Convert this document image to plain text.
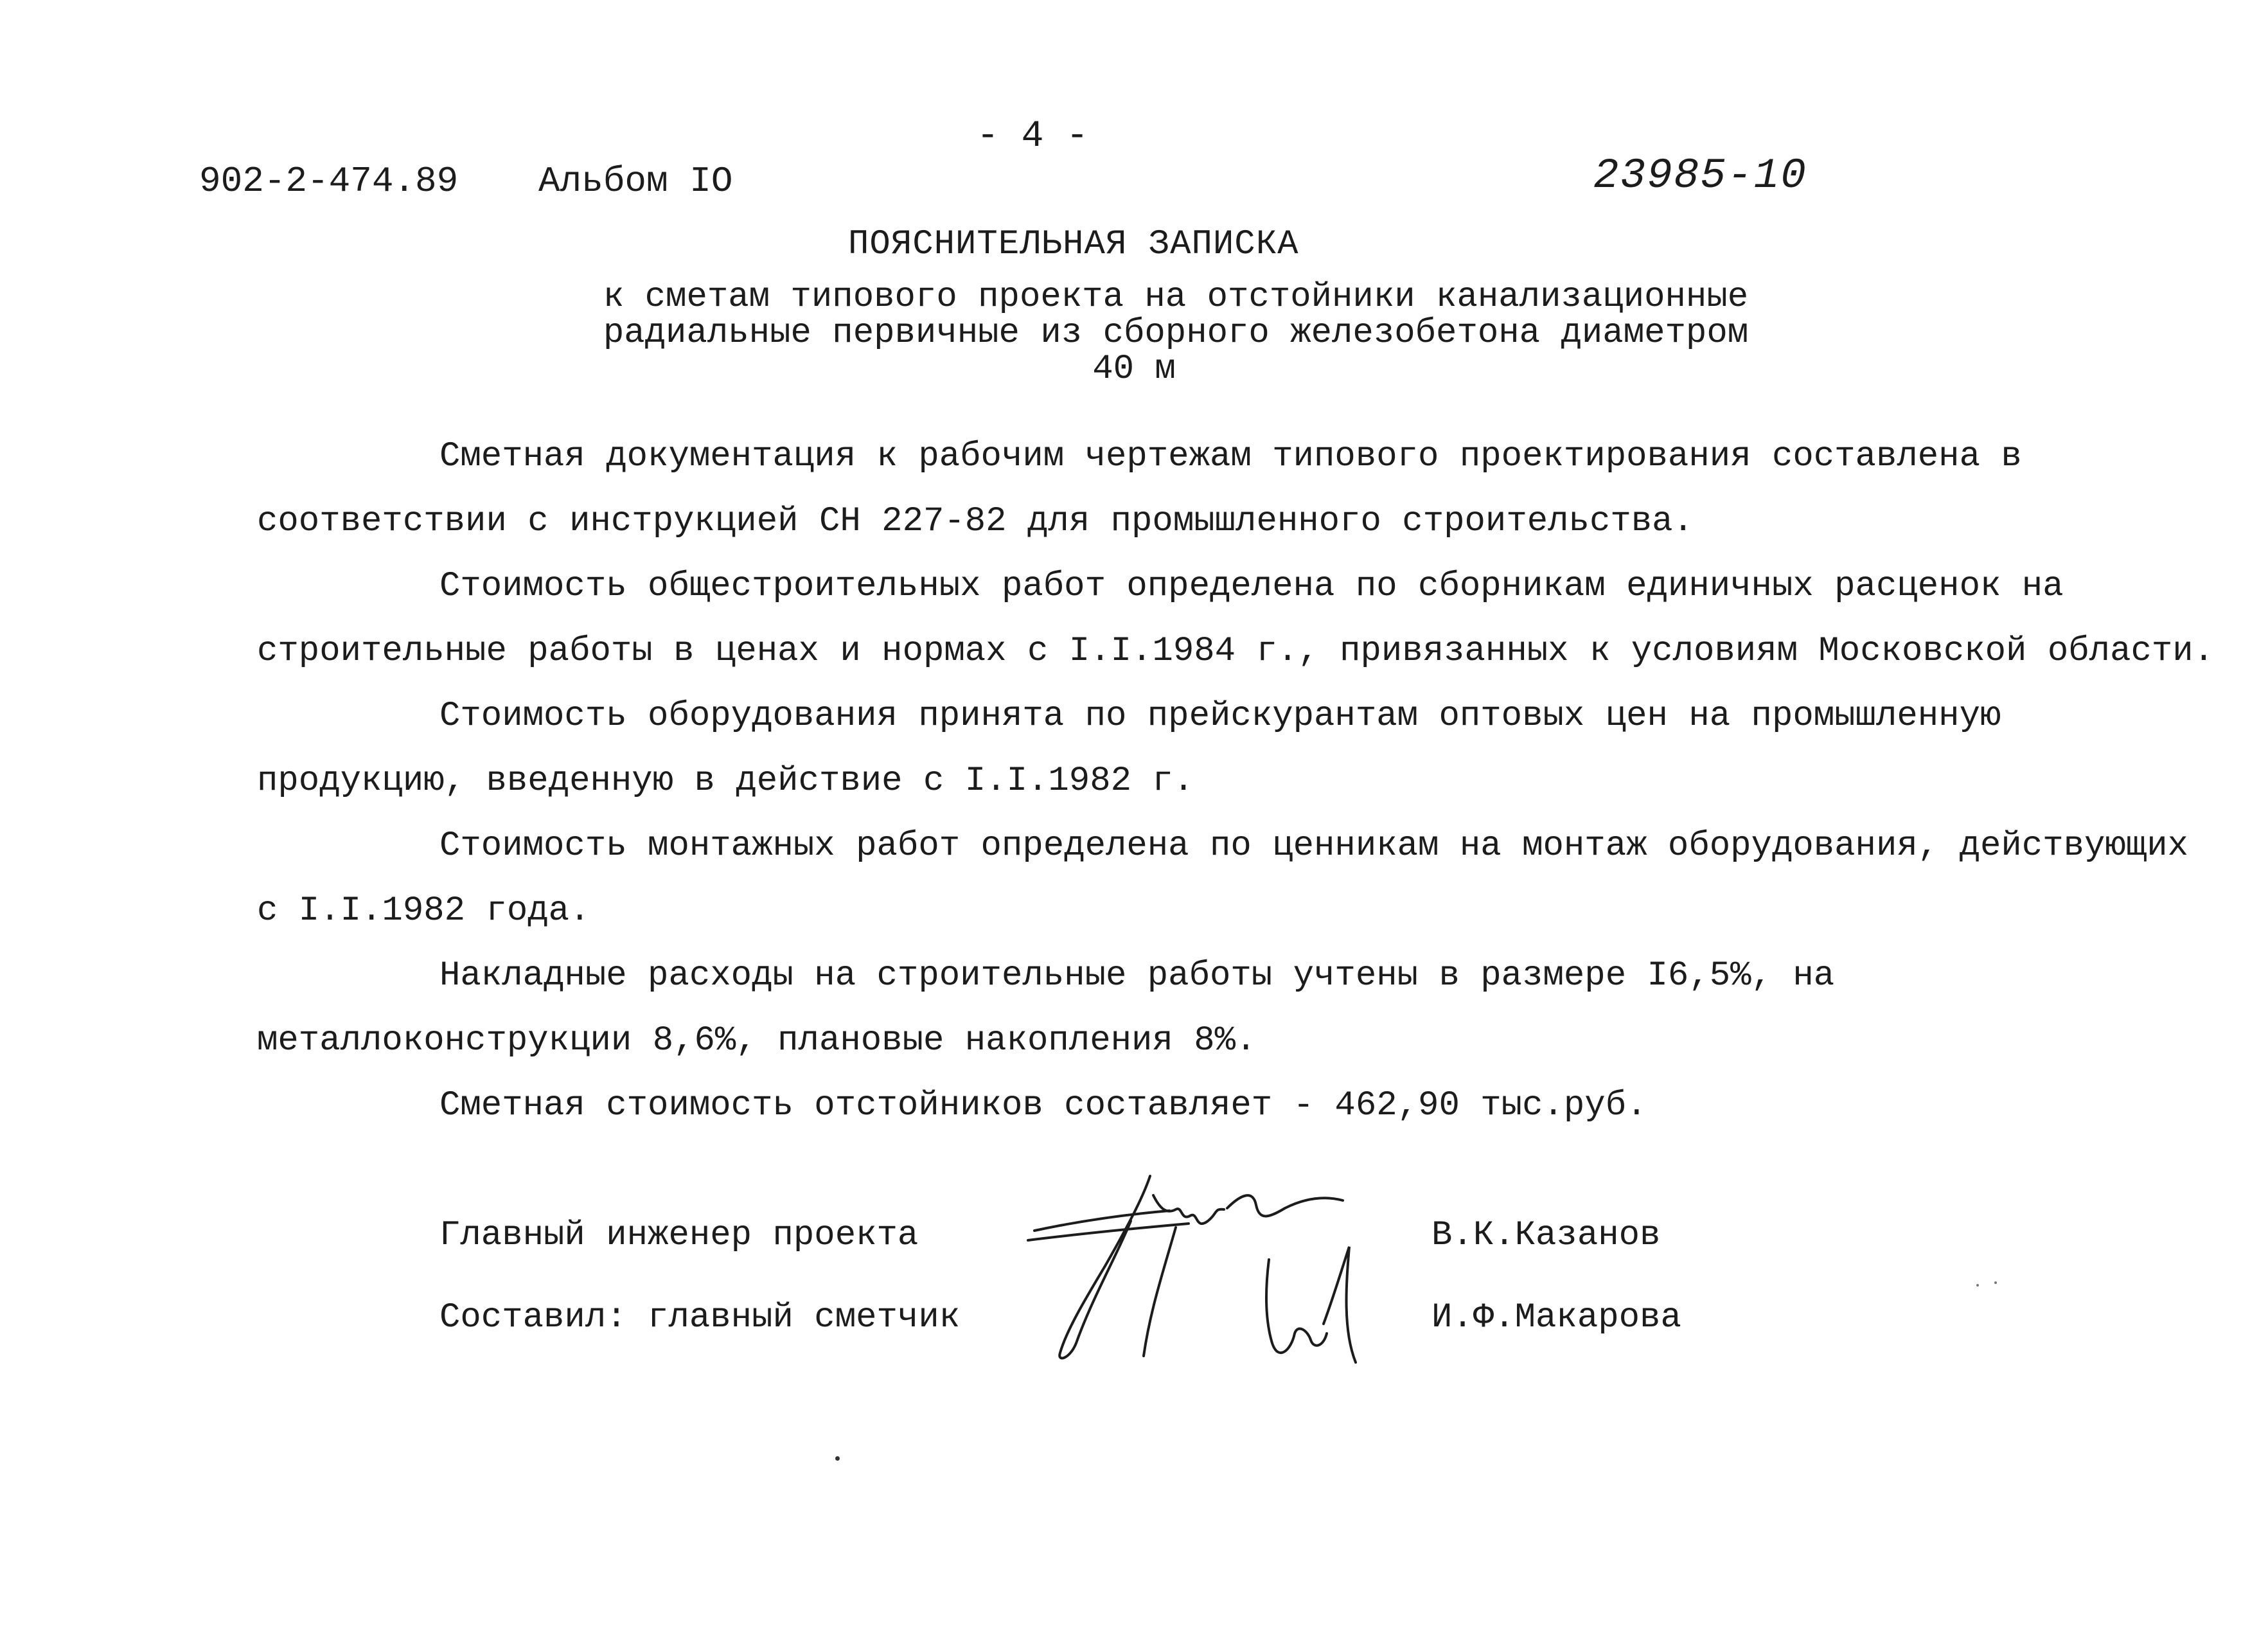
- 4 -
902-2-474.89 Альбом IO	23985-10
ПОЯСНИТЕЛЬНАЯ ЗАПИСКА
к сметам типового проекта на отстойники канализационные
радиальные первичные из сборного железобетона диаметром
40 м
Сметная документация к рабочим чертежам типового проектирования составлена в соответствии с инструкцией СН 227-82 для промышленного строительства.
Стоимость общестроительных работ определена по сборникам единичных расценок на строительные работы в ценах и нормах с I.I.1984 г., привязанных к условиям Московской области.
Стоимость оборудования принята по прейскурантам оптовых цен на промышленную продукцию, введенную в действие с I.I.1982 г.
Стоимость монтажных работ определена по ценникам на монтаж оборудования, действующих с I.I.1982 года.
Накладные расходы на строительные работы учтены в размере I6,5%, на металлоконструкции 8,6%, плановые накопления 8%.
Сметная стоимость отстойников составляет - 462,90 тыс.руб.
Главный инженер проекта
Составил: главный сметчик
В.К.Казанов
И.Ф.Макарова
